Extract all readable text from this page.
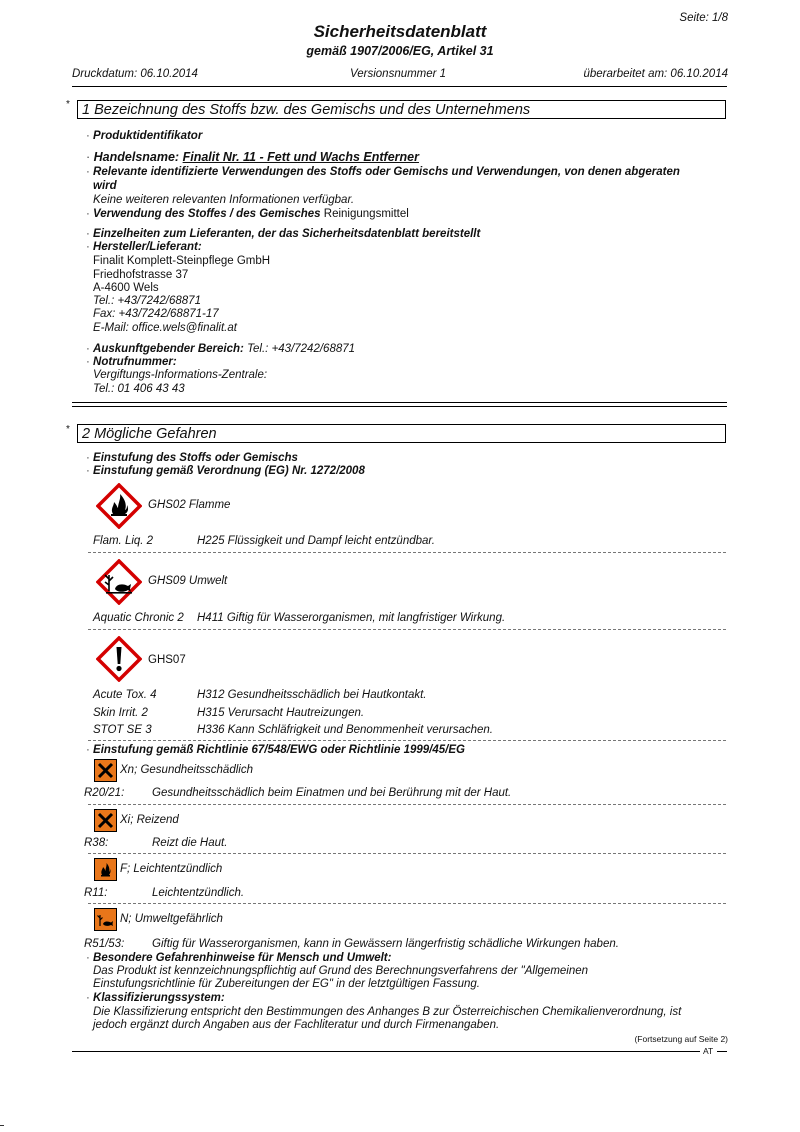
Seite: 1/8
Sicherheitsdatenblatt
gemäß 1907/2006/EG, Artikel 31
Druckdatum: 06.10.2014	Versionsnummer 1	überarbeitet am: 06.10.2014
* 1 Bezeichnung des Stoffs bzw. des Gemischs und des Unternehmens
· Produktidentifikator
· Handelsname: Finalit Nr. 11 - Fett und Wachs Entferner
· Relevante identifizierte Verwendungen des Stoffs oder Gemischs und Verwendungen, von denen abgeraten
wird
Keine weiteren relevanten Informationen verfügbar.
· Verwendung des Stoffes / des Gemisches Reinigungsmittel
· Einzelheiten zum Lieferanten, der das Sicherheitsdatenblatt bereitstellt
· Hersteller/Lieferant:
Finalit Komplett-Steinpflege GmbH
Friedhofstrasse 37
A-4600 Wels
Tel.: +43/7242/68871
Fax: +43/7242/68871-17
E-Mail: office.wels@finalit.at
· Auskunftgebender Bereich: Tel.: +43/7242/68871
· Notrufnummer:
Vergiftungs-Informations-Zentrale:
Tel.: 01 406 43 43
* 2 Mögliche Gefahren
· Einstufung des Stoffs oder Gemischs
· Einstufung gemäß Verordnung (EG) Nr. 1272/2008
GHS02 Flamme
Flam. Liq. 2	H225 Flüssigkeit und Dampf leicht entzündbar.
GHS09 Umwelt
Aquatic Chronic 2 H411 Giftig für Wasserorganismen, mit langfristiger Wirkung.
GHS07
Acute Tox. 4	H312 Gesundheitsschädlich bei Hautkontakt.
Skin Irrit. 2	H315 Verursacht Hautreizungen.
STOT SE 3	H336 Kann Schläfrigkeit und Benommenheit verursachen.
· Einstufung gemäß Richtlinie 67/548/EWG oder Richtlinie 1999/45/EG
Xn; Gesundheitsschädlich
R20/21: Gesundheitsschädlich beim Einatmen und bei Berührung mit der Haut.
Xi; Reizend
R38:	Reizt die Haut.
F; Leichtentzündlich
R11:	Leichtentzündlich.
N; Umweltgefährlich
R51/53: Giftig für Wasserorganismen, kann in Gewässern längerfristig schädliche Wirkungen haben.
· Besondere Gefahrenhinweise für Mensch und Umwelt:
Das Produkt ist kennzeichnungspflichtig auf Grund des Berechnungsverfahrens der "Allgemeinen
Einstufungsrichtlinie für Zubereitungen der EG" in der letztgültigen Fassung.
· Klassifizierungssystem:
Die Klassifizierung entspricht den Bestimmungen des Anhanges B zur Österreichischen Chemikalienverordnung, ist
jedoch ergänzt durch Angaben aus der Fachliteratur und durch Firmenangaben.
(Fortsetzung auf Seite 2)
AT
